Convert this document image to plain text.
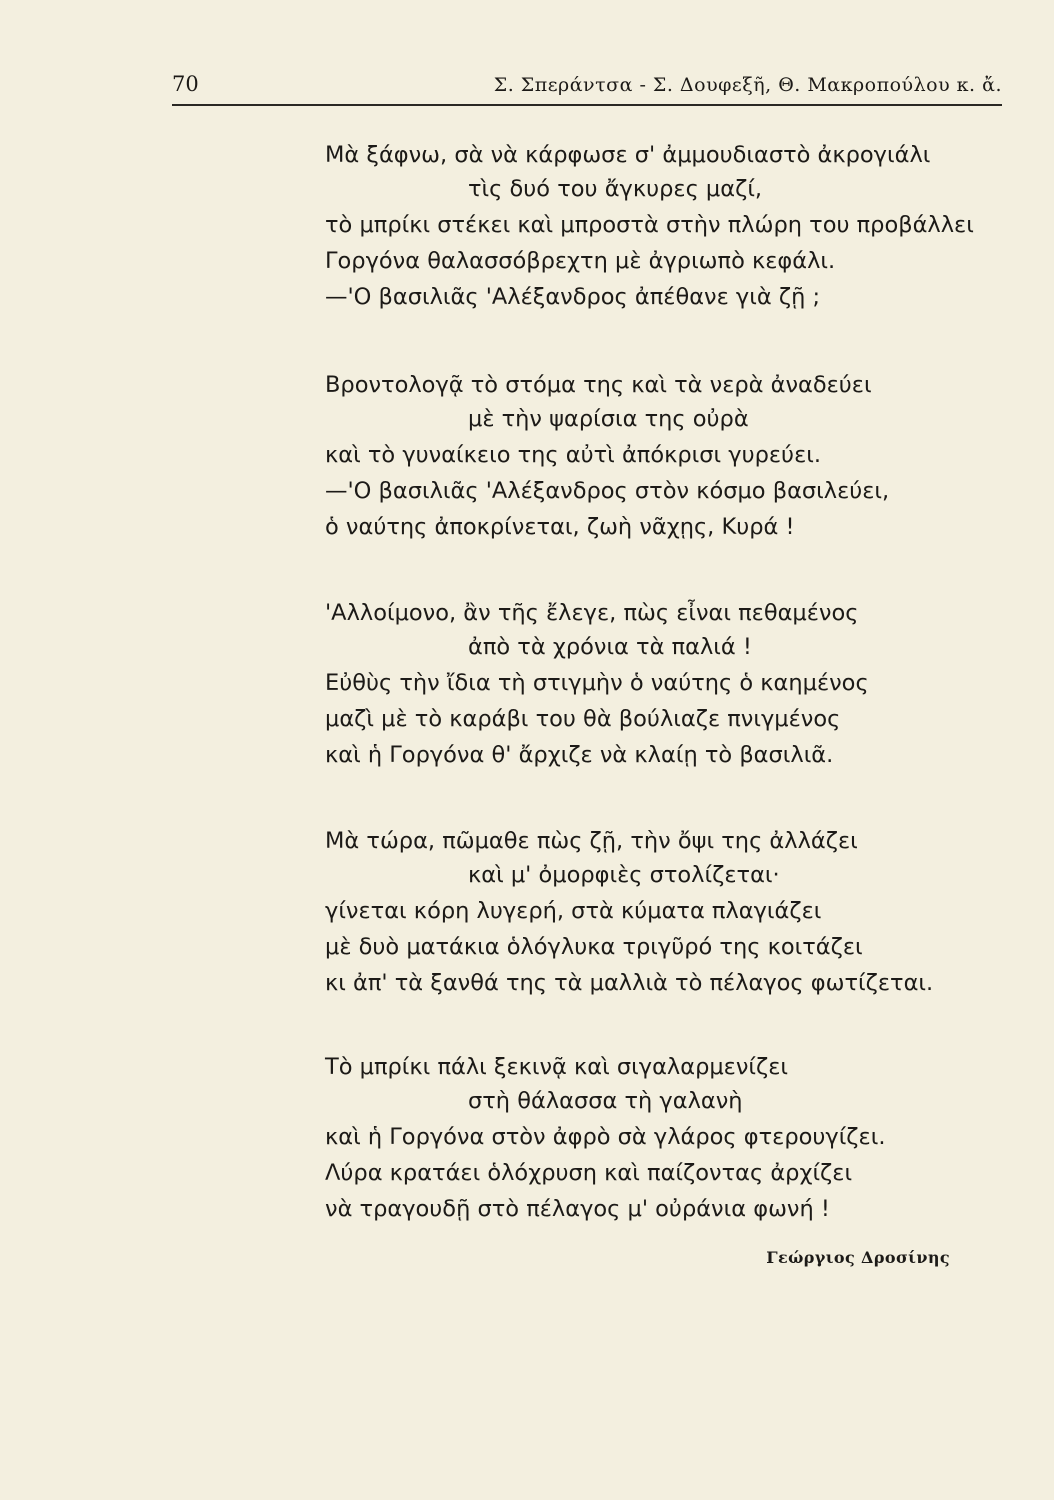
70	Σ. Σπεράντσα - Σ. Δουφεξῆ, Θ. Μακροπούλου κ. ἄ.
Μὰ ξάφνω, σὰ νὰ κάρφωσε σ' ἀμμουδιαστὸ ἀκρογιάλι
τὶς δυό του ἄγκυρες μαζί,
τὸ μπρίκι στέκει καὶ μπροστὰ στὴν πλώρη του προβάλλει
Γοργόνα θαλασσόβρεχτη μὲ ἀγριωπὸ κεφάλι.
—'Ο βασιλιᾶς 'Αλέξανδρος ἀπέθανε γιὰ ζῇ ;
Βροντολογᾷ τὸ στόμα της καὶ τὰ νερὰ ἀναδεύει
μὲ τὴν ψαρίσια της οὐρὰ
καὶ τὸ γυναίκειο της αὐτὶ ἀπόκρισι γυρεύει.
—'Ο βασιλιᾶς 'Αλέξανδρος στὸν κόσμο βασιλεύει,
ὁ ναύτης ἀποκρίνεται, ζωὴ νᾶχῃς, Κυρά !
'Αλλοίμονο, ἂν τῆς ἔλεγε, πὼς εἶναι πεθαμένος
ἀπὸ τὰ χρόνια τὰ παλιά !
Εὐθὺς τὴν ἴδια τὴ στιγμὴν ὁ ναύτης ὁ καημένος
μαζὶ μὲ τὸ καράβι του θὰ βούλιαζε πνιγμένος
καὶ ἡ Γοργόνα θ' ἄρχιζε νὰ κλαίῃ τὸ βασιλιᾶ.
Μὰ τώρα, πῶμαθε πὼς ζῇ, τὴν ὄψι της ἀλλάζει
καὶ μ' ὀμορφιὲς στολίζεται·
γίνεται κόρη λυγερή, στὰ κύματα πλαγιάζει
μὲ δυὸ ματάκια ὁλόγλυκα τριγῦρό της κοιτάζει
κι ἀπ' τὰ ξανθά της τὰ μαλλιὰ τὸ πέλαγος φωτίζεται.
Τὸ μπρίκι πάλι ξεκινᾷ καὶ σιγαλαρμενίζει
στὴ θάλασσα τὴ γαλανὴ
καὶ ἡ Γοργόνα στὸν ἀφρὸ σὰ γλάρος φτερουγίζει.
Λύρα κρατάει ὁλόχρυση καὶ παίζοντας ἀρχίζει
νὰ τραγουδῇ στὸ πέλαγος μ' οὐράνια φωνή !
Γεώργιος Δροσίνης
